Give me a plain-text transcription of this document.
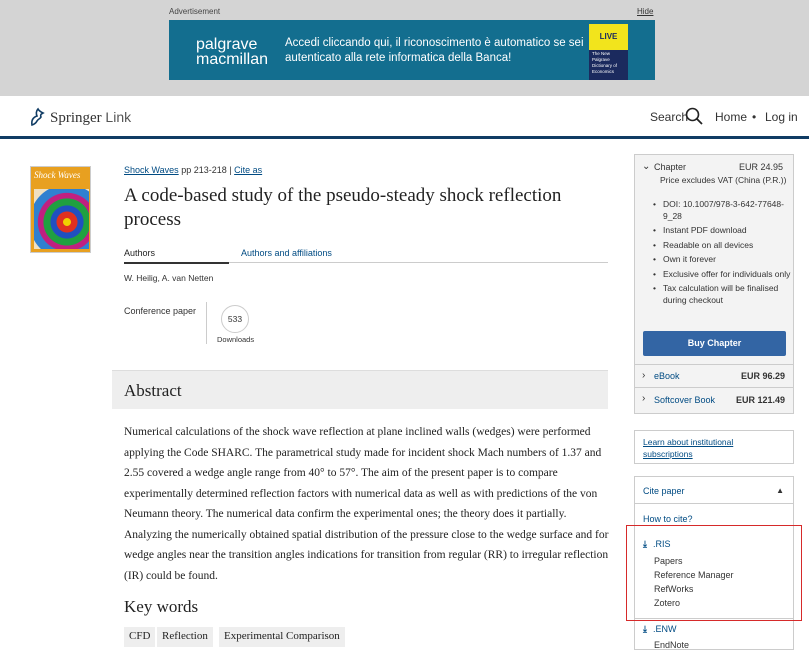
Advertisement	Hide
palgrave
macmillan
Accedi cliccando qui, il riconoscimento è automatico se sei autenticato alla rete informatica della Banca!
LIVE
The New Palgrave Dictionary of Economics
Springer Link	Search Home • Log in
Shock Waves	Shock Waves pp 213-218 | Cite as
A code-based study of the pseudo-steady shock reflection process
Authors	Authors and affiliations
W. Heilig, A. van Netten
Conference paper
533
Downloads
Abstract

Numerical calculations of the shock wave reflection at plane inclined walls (wedges) were performed applying the Code SHARC. The parametrical study made for incident shock Mach numbers of 1.37 and 2.55 covered a wedge angle range from 40° to 57°. The aim of the present paper is to compare experimentally determined reflection factors with numerical data as well as with predictions of the von Neumann theory. The numerical data confirm the experimental ones; the theory does it partially. Analyzing the numerically obtained spatial distribution of the pressure close to the wedge surface and for wedge angles near the transition angles indications for transition from regular (RR) to irregular reflection (IR) could be found.

Key words
CFD	Reflection	Experimental Comparison
⌄ Chapter	EUR 24.95
Price excludes VAT (China (P.R.))
• DOI: 10.1007/978-3-642-77648-9_28
• Instant PDF download
• Readable on all devices
• Own it forever
• Exclusive offer for individuals only
• Tax calculation will be finalised during checkout
Buy Chapter
› eBook	EUR 96.29
› Softcover Book EUR 121.49
Learn about institutional subscriptions
Cite paper	▲
How to cite?
⤓ .RIS
Papers
Reference Manager
RefWorks
Zotero
⤓ .ENW
EndNote
